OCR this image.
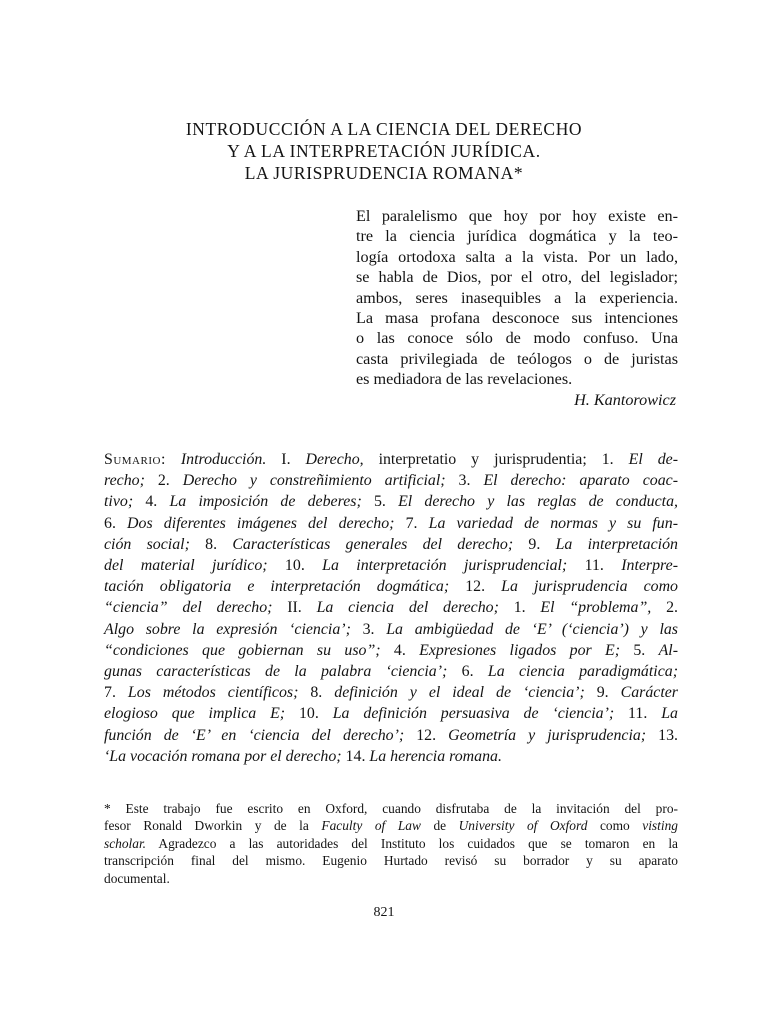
INTRODUCCIÓN A LA CIENCIA DEL DERECHO
Y A LA INTERPRETACIÓN JURÍDICA.
LA JURISPRUDENCIA ROMANA*
El paralelismo que hoy por hoy existe en-
tre la ciencia jurídica dogmática y la teo-
logía ortodoxa salta a la vista. Por un lado,
se habla de Dios, por el otro, del legislador;
ambos, seres inasequibles a la experiencia.
La masa profana desconoce sus intenciones
o las conoce sólo de modo confuso. Una
casta privilegiada de teólogos o de juristas
es mediadora de las revelaciones.
H. Kantorowicz
Sumario: Introducción. I. Derecho, interpretatio y jurisprudentia; 1. El de-
recho; 2. Derecho y constreñimiento artificial; 3. El derecho: aparato coac-
tivo; 4. La imposición de deberes; 5. El derecho y las reglas de conducta,
6. Dos diferentes imágenes del derecho; 7. La variedad de normas y su fun-
ción social; 8. Características generales del derecho; 9. La interpretación
del material jurídico; 10. La interpretación jurisprudencial; 11. Interpre-
tación obligatoria e interpretación dogmática; 12. La jurisprudencia como
“ciencia” del derecho; II. La ciencia del derecho; 1. El “problema”, 2.
Algo sobre la expresión ‘ciencia’; 3. La ambigüedad de ‘E’ (‘ciencia’) y las
“condiciones que gobiernan su uso”; 4. Expresiones ligados por E; 5. Al-
gunas características de la palabra ‘ciencia’; 6. La ciencia paradigmática;
7. Los métodos científicos; 8. definición y el ideal de ‘ciencia’; 9. Carácter
elogioso que implica E; 10. La definición persuasiva de ‘ciencia’; 11. La
función de ‘E’ en ‘ciencia del derecho’; 12. Geometría y jurisprudencia; 13.
‘La vocación romana por el derecho; 14. La herencia romana.
* Este trabajo fue escrito en Oxford, cuando disfrutaba de la invitación del pro-
fesor Ronald Dworkin y de la Faculty of Law de University of Oxford como visting
scholar. Agradezco a las autoridades del Instituto los cuidados que se tomaron en la
transcripción final del mismo. Eugenio Hurtado revisó su borrador y su aparato
documental.
821
